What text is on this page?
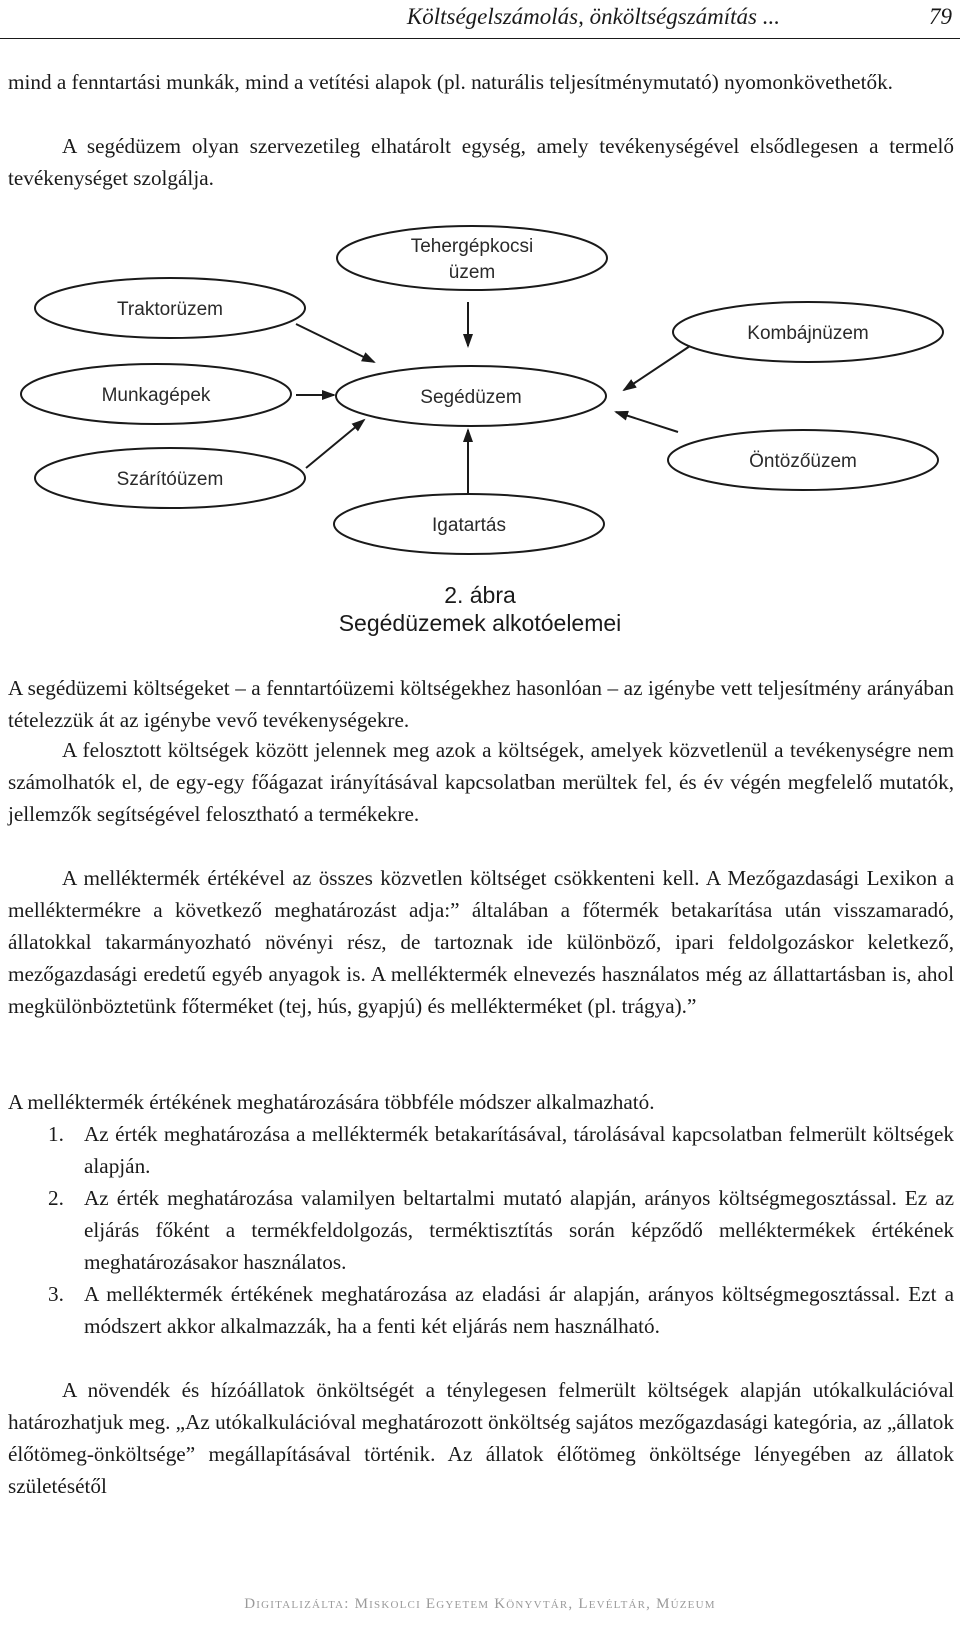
Költségelszámolás, önköltségszámítás ...	79

mind a fenntartási munkák, mind a vetítési alapok (pl. naturális teljesítménymutató) nyomonkövethetők.

A segédüzem olyan szervezetileg elhatárolt egység, amely tevékenységével elsődlegesen a termelő tevékenységet szolgálja.

Tehergépkocsi
üzem
Traktorüzem
Kombájnüzem
Munkagépek	Segédüzem
Öntözőüzem
Szárítóüzem
Igatartás
2. ábra
Segédüzemek alkotóelemei

A segédüzemi költségeket – a fenntartóüzemi költségekhez hasonlóan – az igénybe vett teljesítmény arányában tételezzük át az igénybe vevő tevékenységekre.

A felosztott költségek között jelennek meg azok a költségek, amelyek közvetlenül a tevékenységre nem számolhatók el, de egy-egy főágazat irányításával kapcsolatban merültek fel, és év végén megfelelő mutatók, jellemzők segítségével felosztható a termékekre.

A melléktermék értékével az összes közvetlen költséget csökkenteni kell. A Mezőgazdasági Lexikon a melléktermékre a következő meghatározást adja:” általában a főtermék betakarítása után visszamaradó, állatokkal takarmányozható növényi rész, de tartoznak ide különböző, ipari feldolgozáskor keletkező, mezőgazdasági eredetű egyéb anyagok is. A melléktermék elnevezés használatos még az állattartásban is, ahol megkülönböztetünk főterméket (tej, hús, gyapjú) és mellékterméket (pl. trágya).”

A melléktermék értékének meghatározására többféle módszer alkalmazható.

1. Az érték meghatározása a melléktermék betakarításával, tárolásával kapcsolatban felmerült költségek alapján.
2. Az érték meghatározása valamilyen beltartalmi mutató alapján, arányos költségmegosztással. Ez az eljárás főként a termékfeldolgozás, terméktisztítás során képződő melléktermékek értékének meghatározásakor használatos.
3. A melléktermék értékének meghatározása az eladási ár alapján, arányos költségmegosztással. Ezt a módszert akkor alkalmazzák, ha a fenti két eljárás nem használható.

A növendék és hízóállatok önköltségét a ténylegesen felmerült költségek alapján utókalkulációval határozhatjuk meg. „Az utókalkulációval meghatározott önköltség sajátos mezőgazdasági kategória, az „állatok élőtömeg-önköltsége” megállapításával történik. Az állatok élőtömeg önköltsége lényegében az állatok születésétől

Digitalizálta: Miskolci Egyetem Könyvtár, Levéltár, Múzeum
